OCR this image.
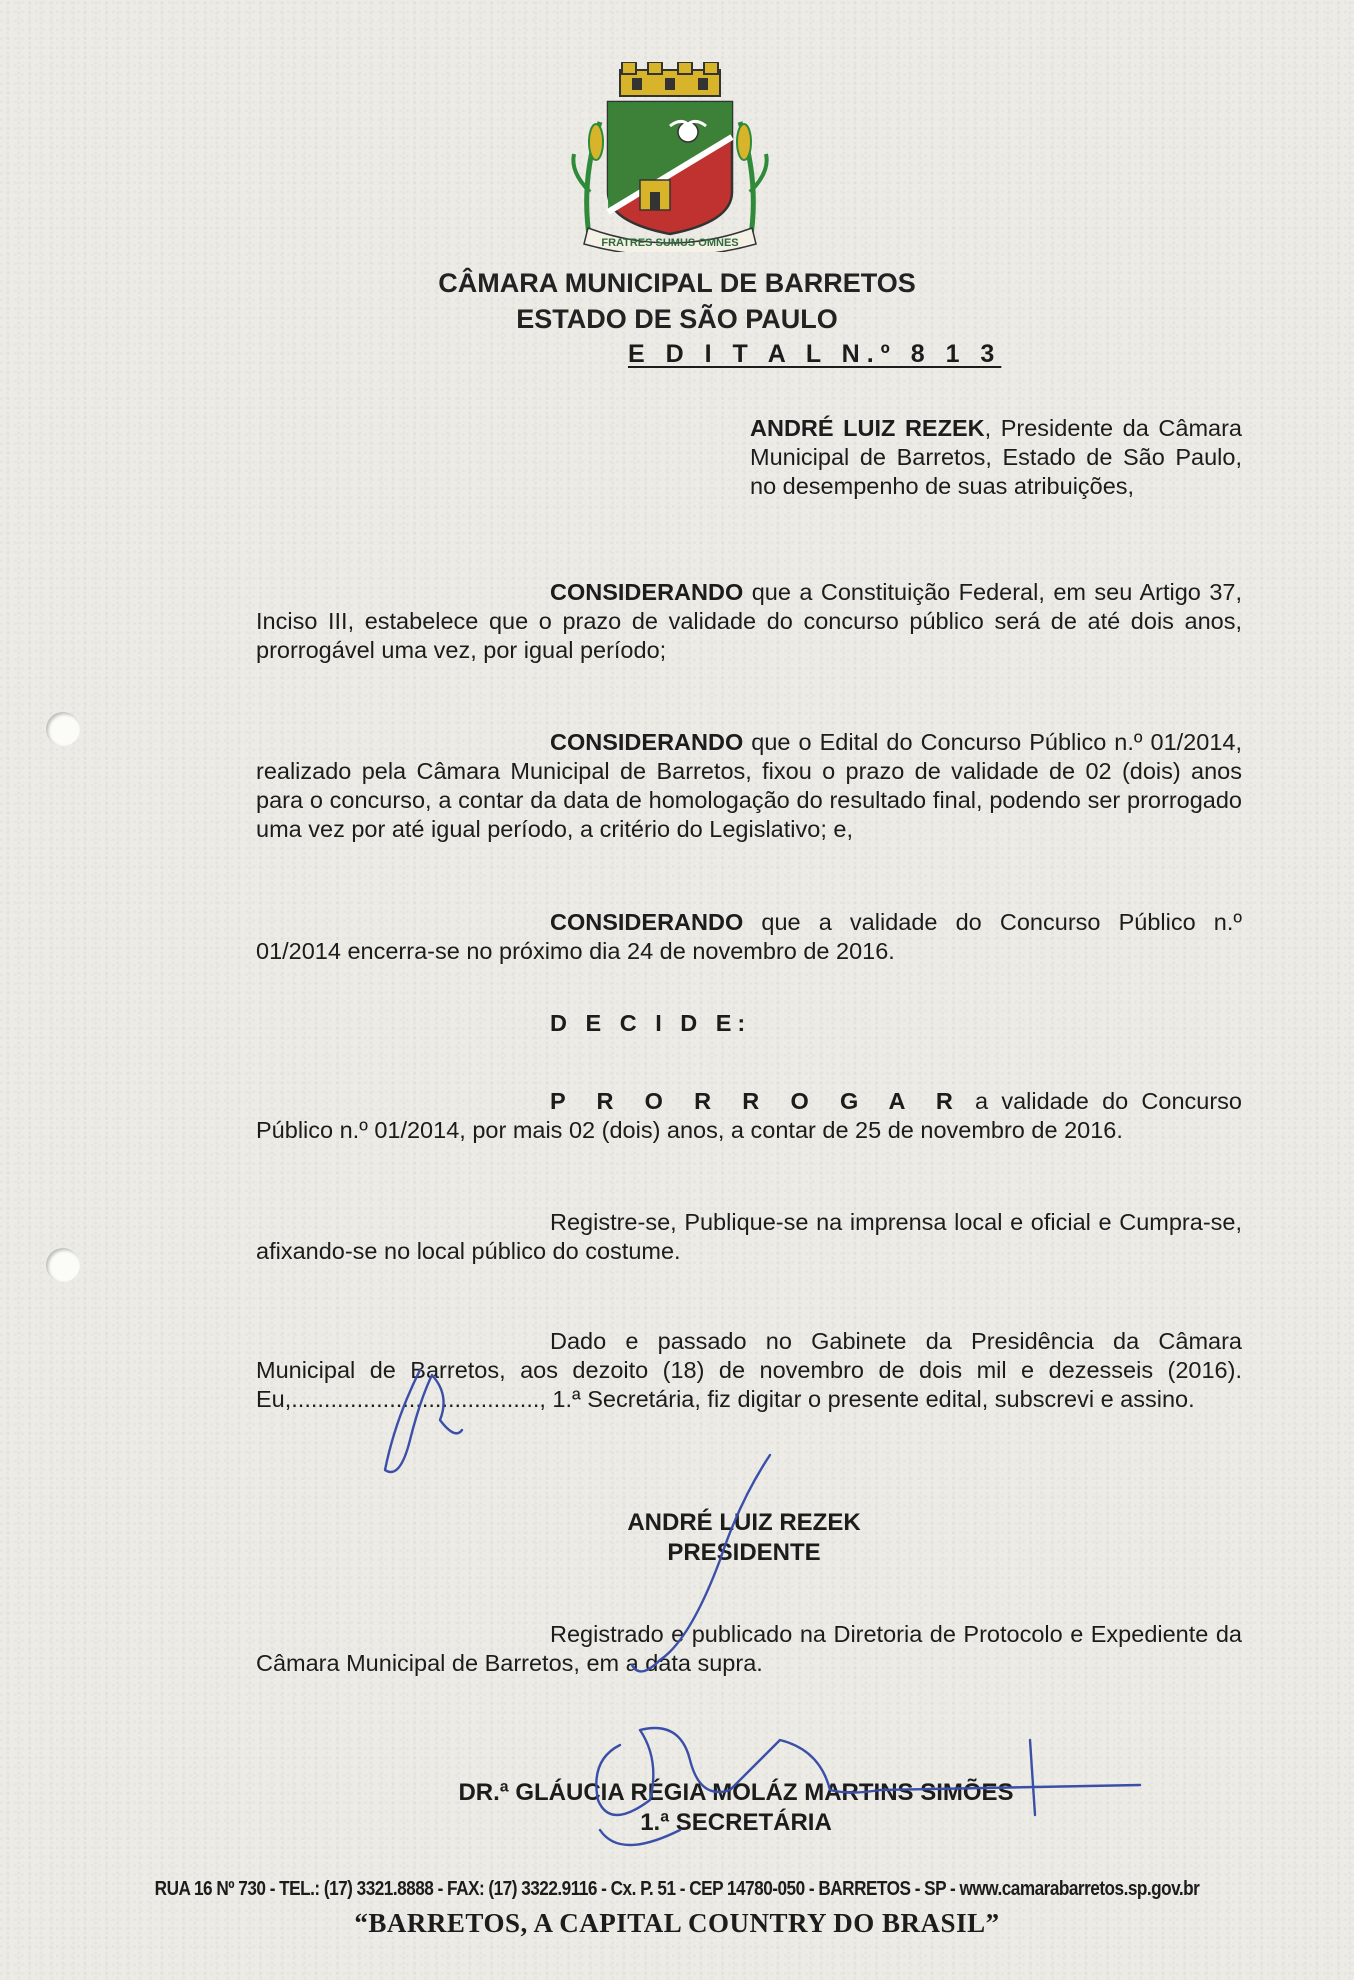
FRATRES SUMUS OMNES
CÂMARA MUNICIPAL DE BARRETOS
ESTADO DE SÃO PAULO
E D I T A L N.º 8 1 3
ANDRÉ LUIZ REZEK, Presidente da Câmara Municipal de Barretos, Estado de São Paulo, no desempenho de suas atribuições,
CONSIDERANDO que a Constituição Federal, em seu Artigo 37, Inciso III, estabelece que o prazo de validade do concurso público será de até dois anos, prorrogável uma vez, por igual período;
CONSIDERANDO que o Edital do Concurso Público n.º 01/2014, realizado pela Câmara Municipal de Barretos, fixou o prazo de validade de 02 (dois) anos para o concurso, a contar da data de homologação do resultado final, podendo ser prorrogado uma vez por até igual período, a critério do Legislativo; e,
CONSIDERANDO que a validade do Concurso Público n.º 01/2014 encerra-se no próximo dia 24 de novembro de 2016.
D E C I D E:
P R O R R O G A R a validade do Concurso Público n.º 01/2014, por mais 02 (dois) anos, a contar de 25 de novembro de 2016.
Registre-se, Publique-se na imprensa local e oficial e Cumpra-se, afixando-se no local público do costume.
Dado e passado no Gabinete da Presidência da Câmara Municipal de Barretos, aos dezoito (18) de novembro de dois mil e dezesseis (2016). Eu,......................................, 1.ª Secretária, fiz digitar o presente edital, subscrevi e assino.
ANDRÉ LUIZ REZEK
PRESIDENTE
Registrado e publicado na Diretoria de Protocolo e Expediente da Câmara Municipal de Barretos, em a data supra.
DR.ª GLÁUCIA RÉGIA MOLÁZ MARTINS SIMÕES
1.ª SECRETÁRIA
RUA 16 Nº 730 - TEL.: (17) 3321.8888 - FAX: (17) 3322.9116 - Cx. P. 51 - CEP 14780-050 - BARRETOS - SP - www.camarabarretos.sp.gov.br
“BARRETOS, A CAPITAL COUNTRY DO BRASIL”
